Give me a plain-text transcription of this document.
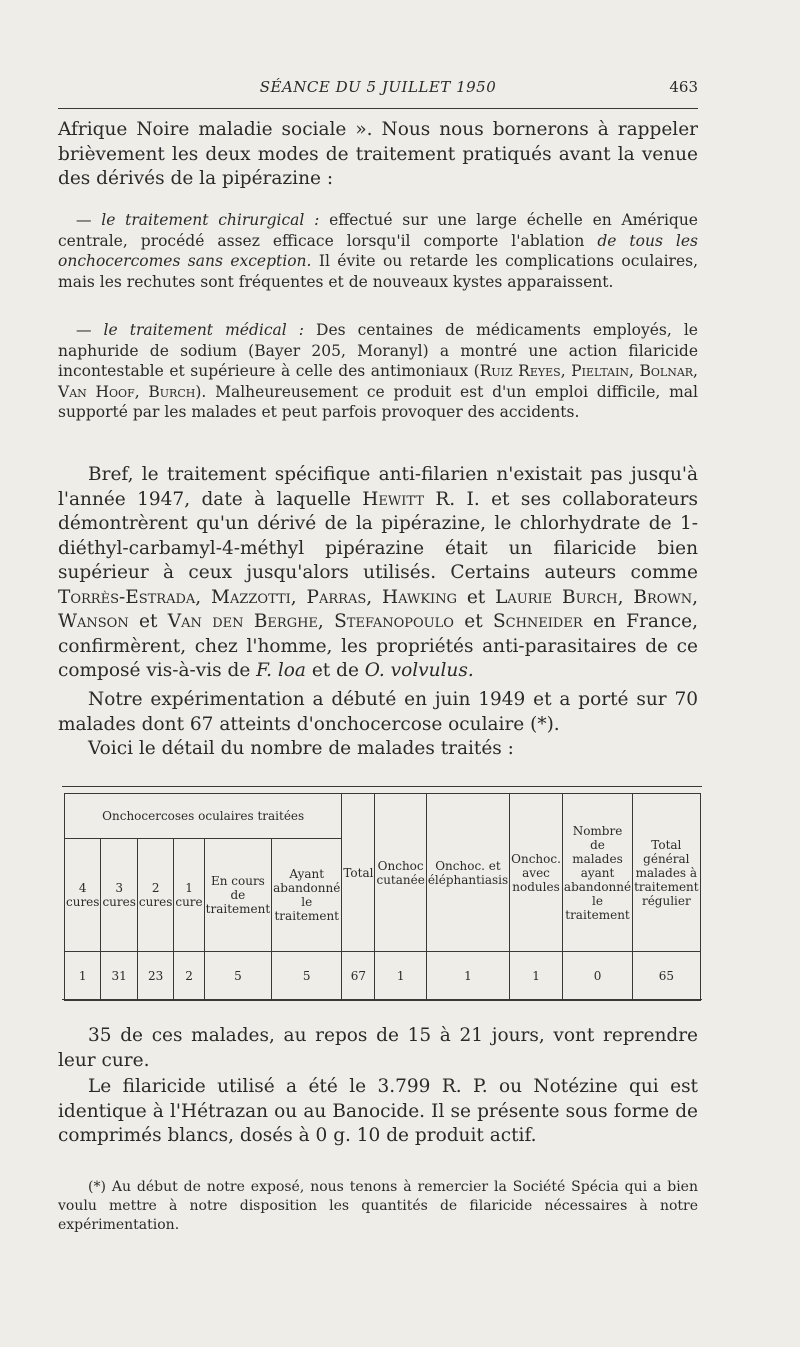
SÉANCE DU 5 JUILLET 1950	463

Afrique Noire maladie sociale ». Nous nous bornerons à rappeler brièvement les deux modes de traitement pratiqués avant la venue des dérivés de la pipérazine :

— le traitement chirurgical : effectué sur une large échelle en Amérique centrale, procédé assez efficace lorsqu'il comporte l'ablation de tous les onchocercomes sans exception. Il évite ou retarde les complications oculaires, mais les rechutes sont fréquentes et de nouveaux kystes apparaissent.

— le traitement médical : Des centaines de médicaments employés, le naphuride de sodium (Bayer 205, Moranyl) a montré une action filaricide incontestable et supérieure à celle des antimoniaux (Ruiz Reyes, Pieltain, Bolnar, Van Hoof, Burch). Malheureusement ce produit est d'un emploi difficile, mal supporté par les malades et peut parfois provoquer des accidents.

Bref, le traitement spécifique anti-filarien n'existait pas jusqu'à l'année 1947, date à laquelle Hewitt R. I. et ses collaborateurs démontrèrent qu'un dérivé de la pipérazine, le chlorhydrate de 1-diéthyl-carbamyl-4-méthyl pipérazine était un filaricide bien supérieur à ceux jusqu'alors utilisés. Certains auteurs comme Torrès-Estrada, Mazzotti, Parras, Hawking et Laurie Burch, Brown, Wanson et Van den Berghe, Stefanopoulo et Schneider en France, confirmèrent, chez l'homme, les propriétés anti-parasitaires de ce composé vis-à-vis de F. loa et de O. volvulus.

Notre expérimentation a débuté en juin 1949 et a porté sur 70 malades dont 67 atteints d'onchocercose oculaire (*).

Voici le détail du nombre de malades traités :

Onchocercoses oculaires traitées						Total	Onchoc cutanée	Onchoc. et éléphantiasis	Onchoc. avec nodules	Nombre de malades ayant abandonné le traitement	Total général malades à traitement régulier
4 cures	3 cures	2 cures	1 cure	En cours de traitement	Ayant abandonné le traitement						
1	31	23	2	5	5	67	1	1	1	0	65

35 de ces malades, au repos de 15 à 21 jours, vont reprendre leur cure.

Le filaricide utilisé a été le 3.799 R. P. ou Notézine qui est identique à l'Hétrazan ou au Banocide. Il se présente sous forme de comprimés blancs, dosés à 0 g. 10 de produit actif.

(*) Au début de notre exposé, nous tenons à remercier la Société Spécia qui a bien voulu mettre à notre disposition les quantités de filaricide nécessaires à notre expérimentation.
